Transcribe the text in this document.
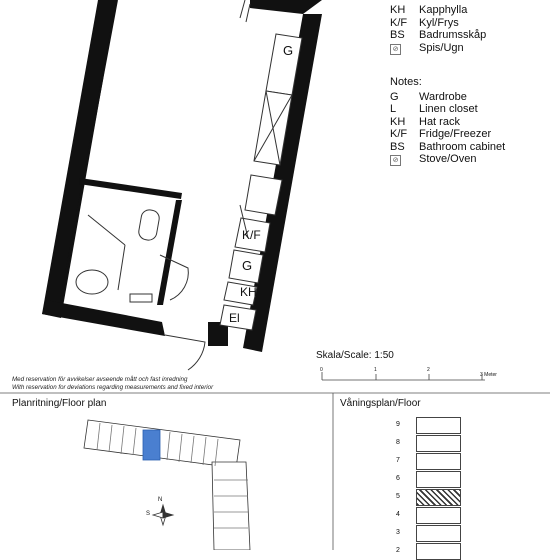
G
K/F
G
KH
El
KH	Kapphylla
K/F	Kyl/Frys
BS	Badrumsskåp
⊘	Spis/Ugn
Notes:
G	Wardrobe
L	Linen closet
KH	Hat rack
K/F	Fridge/Freezer
BS	Bathroom cabinet
⊘	Stove/Oven
Skala/Scale: 1:50
0	1	2
3 Meter
Med reservation för avvikelser avseende mått och fast inredning
With reservation for deviations regarding measurements and fixed interior
Planritning/Floor plan	Våningsplan/Floor
N
S
9
8
7
6
5
4
3
2
